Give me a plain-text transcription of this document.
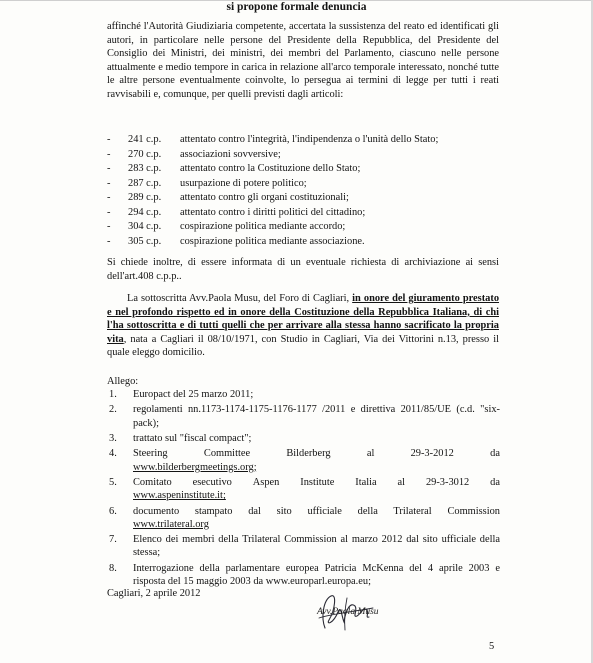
si propone formale denuncia

affinché l'Autorità Giudiziaria competente, accertata la sussistenza del reato ed identificati gli autori, in particolare nelle persone del Presidente della Repubblica, del Presidente del Consiglio dei Ministri, dei ministri, dei membri del Parlamento, ciascuno nelle persone attualmente e medio tempore in carica in relazione all'arco temporale interessato, nonché tutte le altre persone eventualmente coinvolte, lo persegua ai termini di legge per tutti i reati ravvisabili e, comunque, per quelli previsti dagli articoli:

- 241 c.p. attentato contro l'integrità, l'indipendenza o l'unità dello Stato;
- 270 c.p. associazioni sovversive;
- 283 c.p. attentato contro la Costituzione dello Stato;
- 287 c.p. usurpazione di potere politico;
- 289 c.p. attentato contro gli organi costituzionali;
- 294 c.p. attentato contro i diritti politici del cittadino;
- 304 c.p. cospirazione politica mediante accordo;
- 305 c.p. cospirazione politica mediante associazione.

Si chiede inoltre, di essere informata di un eventuale richiesta di archiviazione ai sensi dell'art.408 c.p.p..

La sottoscritta Avv.Paola Musu, del Foro di Cagliari, in onore del giuramento prestato e nel profondo rispetto ed in onore della Costituzione della Repubblica Italiana, di chi l'ha sottoscritta e di tutti quelli che per arrivare alla stessa hanno sacrificato la propria vita, nata a Cagliari il 08/10/1971, con Studio in Cagliari, Via dei Vittorini n.13, presso il quale eleggo domicilio.

Allego:
1. Europact del 25 marzo 2011;
2. regolamenti nn.1173-1174-1175-1176-1177 /2011 e direttiva 2011/85/UE (c.d. "six-pack);
3. trattato sul "fiscal compact";
4. Steering	Committee	Bilderberg	al	29-3-2012	da
www.bilderbergmeetings.org;
5. Comitato esecutivo Aspen Institute Italia al 29-3-3012 da
www.aspeninstitute.it;
6. documento stampato dal sito ufficiale della Trilateral Commission
www.trilateral.org
7. Elenco dei membri della Trilateral Commission al marzo 2012 dal sito ufficiale della stessa;
8. Interrogazione della parlamentare europea Patricia McKenna del 4 aprile 2003 e risposta del 15 maggio 2003 da www.europarl.europa.eu;
Cagliari, 2 aprile 2012
Avv.Paola Musu
5
